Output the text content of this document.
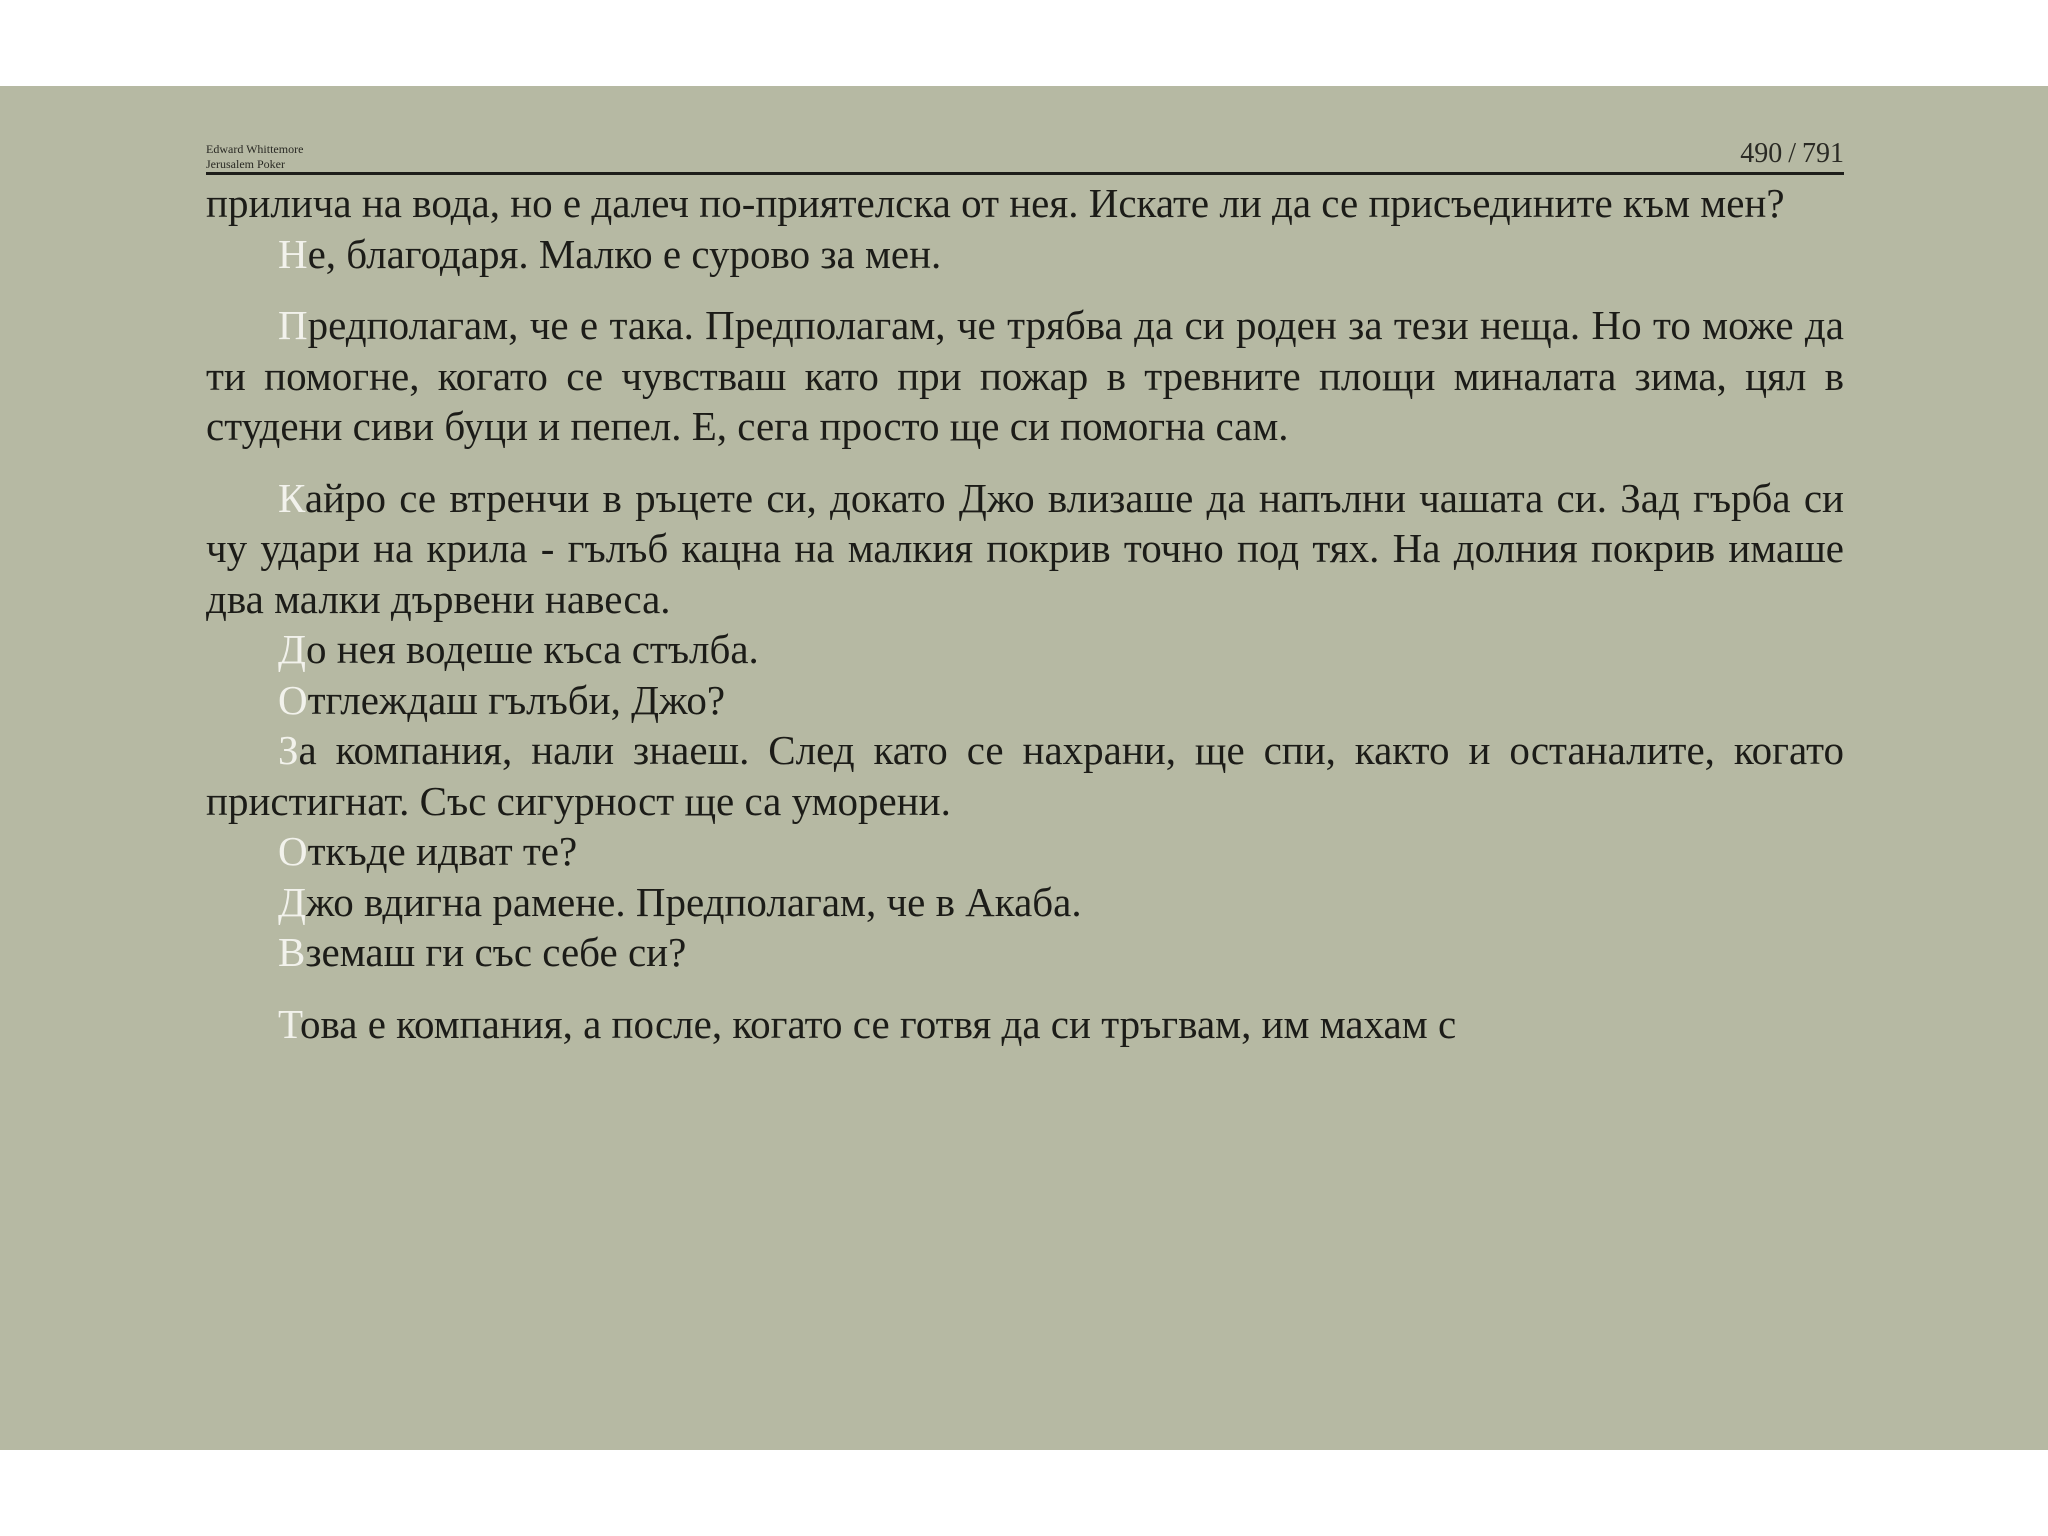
Edward Whittemore
Jerusalem Poker	490 / 791

прилича на вода, но е далеч по-приятелска от нея. Искате ли да се присъедините към мен?

Не, благодаря. Малко е сурово за мен.

Предполагам, че е така. Предполагам, че трябва да си роден за тези неща. Но то може да ти помогне, когато се чувстваш като при пожар в тревните площи миналата зима, цял в студени сиви буци и пепел. Е, сега просто ще си помогна сам.

Кайро се втренчи в ръцете си, докато Джо влизаше да напълни чашата си. Зад гърба си чу удари на крила - гълъб кацна на малкия покрив точно под тях. На долния покрив имаше два малки дървени навеса.

До нея водеше къса стълба.

Отглеждаш гълъби, Джо?

За компания, нали знаеш. След като се нахрани, ще спи, както и останалите, когато пристигнат. Със сигурност ще са уморени.

Откъде идват те?

Джо вдигна рамене. Предполагам, че в Акаба.

Вземаш ги със себе си?

Това е компания, а после, когато се готвя да си тръгвам, им махам с
